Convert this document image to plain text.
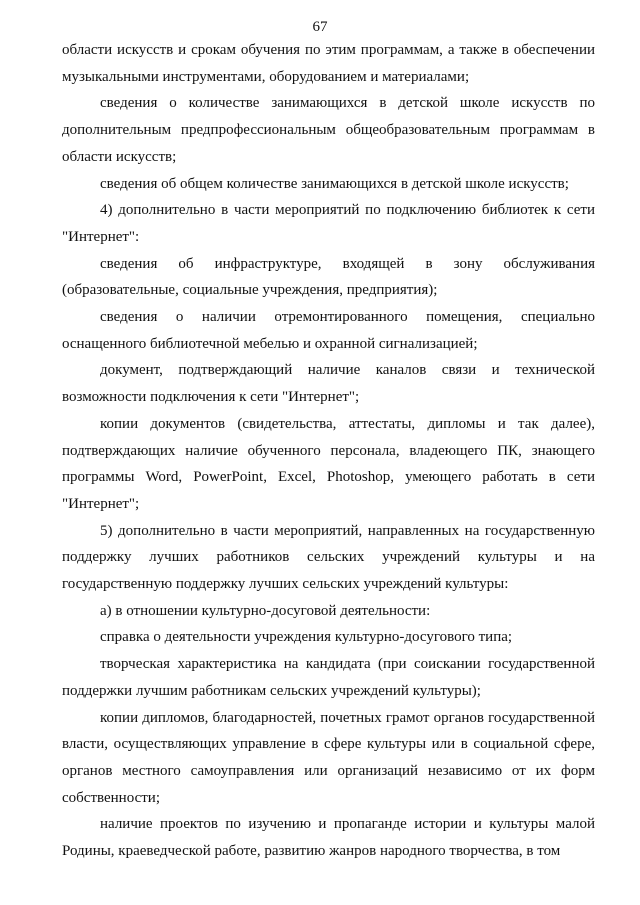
67

области искусств и срокам обучения по этим программам, а также в обеспечении музыкальными инструментами, оборудованием и материалами;

сведения о количестве занимающихся в детской школе искусств по дополнительным предпрофессиональным общеобразовательным программам в области искусств;

сведения об общем количестве занимающихся в детской школе искусств;

4) дополнительно в части мероприятий по подключению библиотек к сети "Интернет":

сведения об инфраструктуре, входящей в зону обслуживания (образовательные, социальные учреждения, предприятия);

сведения о наличии отремонтированного помещения, специально оснащенного библиотечной мебелью и охранной сигнализацией;

документ, подтверждающий наличие каналов связи и технической возможности подключения к сети "Интернет";

копии документов (свидетельства, аттестаты, дипломы и так далее), подтверждающих наличие обученного персонала, владеющего ПК, знающего программы Word, PowerPoint, Excel, Photoshop, умеющего работать в сети "Интернет";

5) дополнительно в части мероприятий, направленных на государственную поддержку лучших работников сельских учреждений культуры и на государственную поддержку лучших сельских учреждений культуры:

а) в отношении культурно-досуговой деятельности:

справка о деятельности учреждения культурно-досугового типа;

творческая характеристика на кандидата (при соискании государственной поддержки лучшим работникам сельских учреждений культуры);

копии дипломов, благодарностей, почетных грамот органов государственной власти, осуществляющих управление в сфере культуры или в социальной сфере, органов местного самоуправления или организаций независимо от их форм собственности;

наличие проектов по изучению и пропаганде истории и культуры малой Родины, краеведческой работе, развитию жанров народного творчества, в том
